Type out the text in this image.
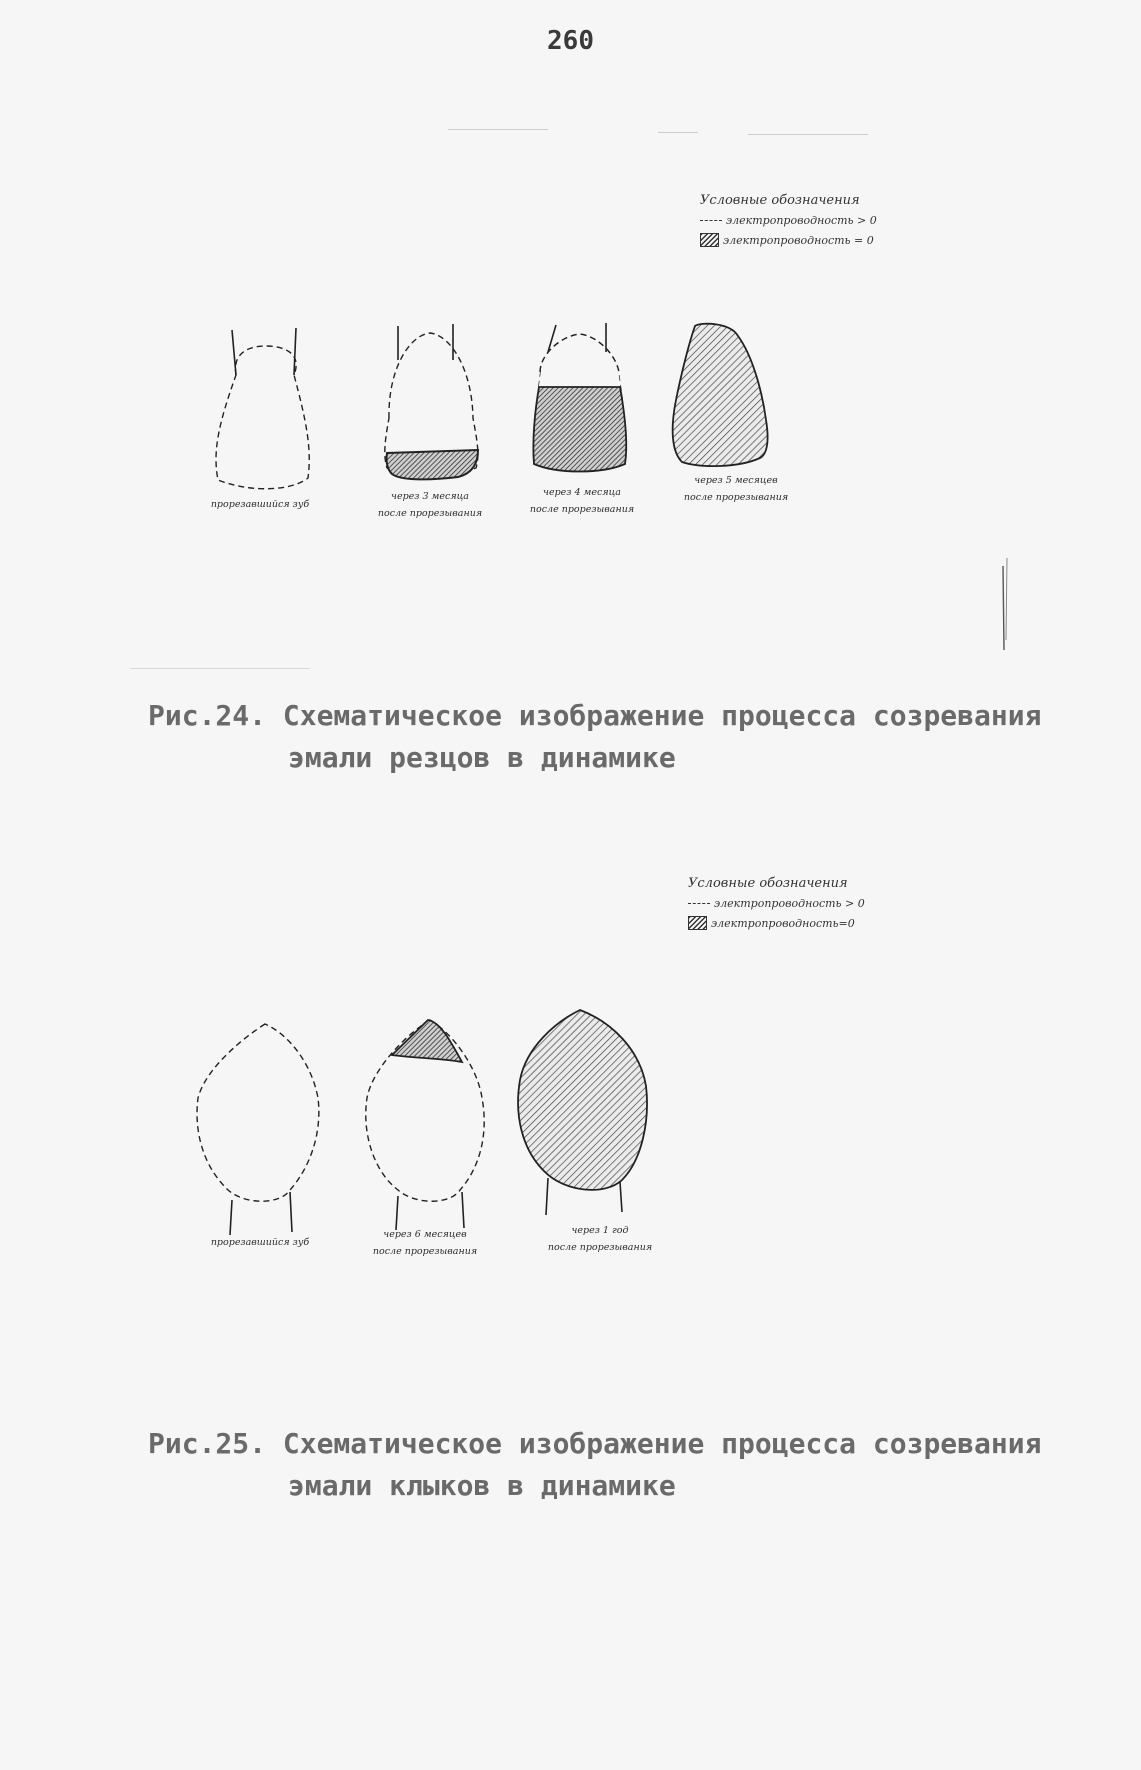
260
Условные обозначения
электропроводность > 0
электропроводность = 0
прорезавшийся зуб
через 3 месяца
после прорезывания
через 4 месяца
после прорезывания
через 5 месяцев
после прорезывания
Рис.24. Схематическое изображение процесса созревания
эмали резцов в динамике
Условные обозначения
электропроводность > 0
электропроводность=0
прорезавшийся зуб
через 6 месяцев
после прорезывания
через 1 год
после прорезывания
Рис.25. Схематическое изображение процесса созревания
эмали клыков в динамике
